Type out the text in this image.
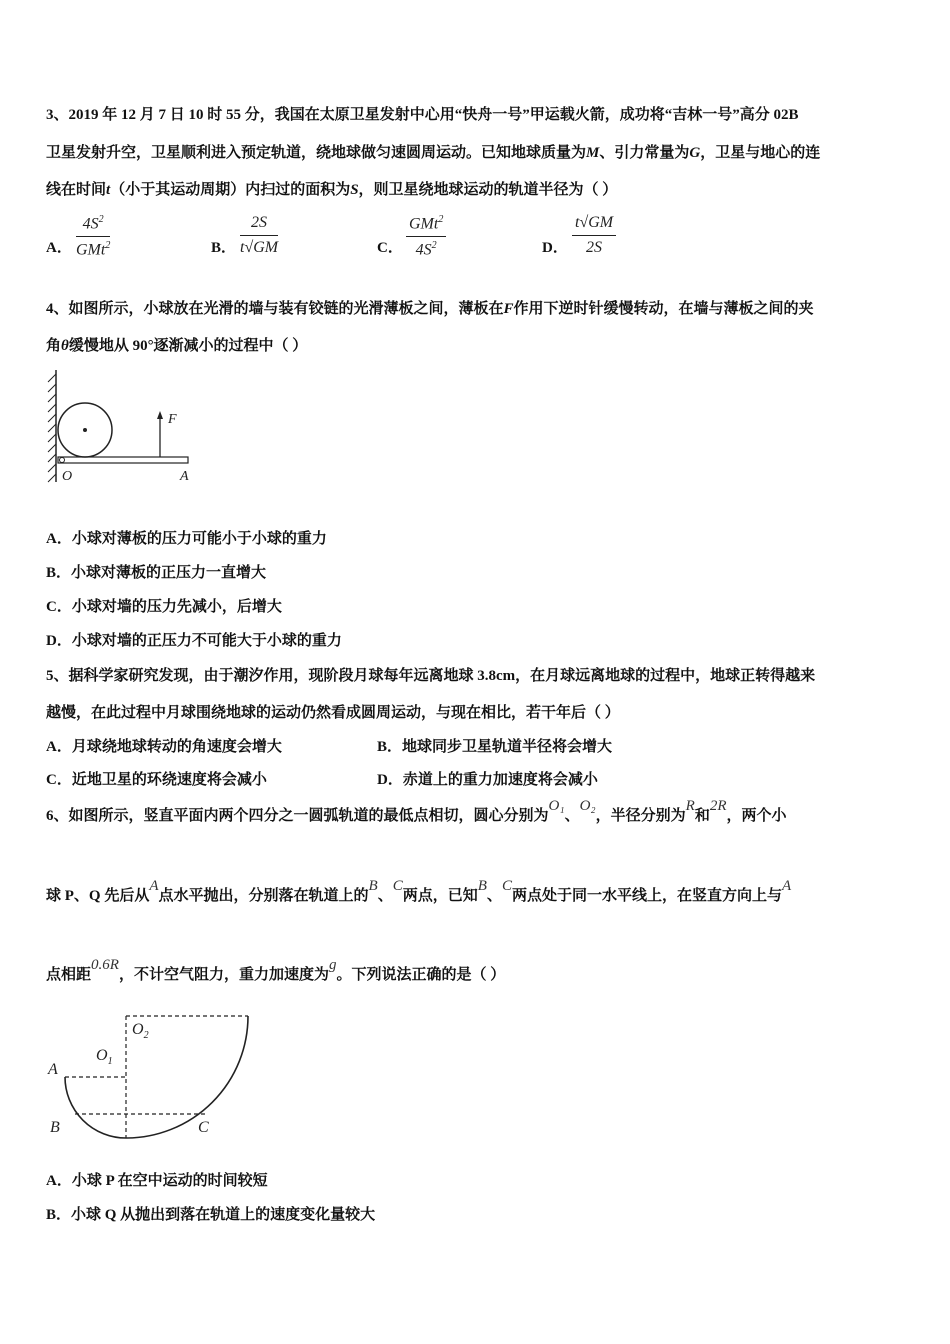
3、2019 年 12 月 7 日 10 时 55 分，我国在太原卫星发射中心用“快舟一号”甲运载火箭，成功将“吉林一号”高分 02B
卫星发射升空，卫星顺利进入预定轨道，绕地球做匀速圆周运动。已知地球质量为M、引力常量为G，卫星与地心的连
线在时间t（小于其运动周期）内扫过的面积为S，则卫星绕地球运动的轨道半径为（ ）
A．
$4S^2$
GMt$^2$	B． $\frac{2S}{t√GM}$	C．
GMt$^2$
$4S^2$	D． $\frac{t√GM}{2S}$
4、如图所示，小球放在光滑的墙与装有铰链的光滑薄板之间，薄板在F作用下逆时针缓慢转动，在墙与薄板之间的夹
角θ缓慢地从 90°逐渐减小的过程中（ ）
F
O	A
A．小球对薄板的压力可能小于小球的重力
B．小球对薄板的正压力一直增大
C．小球对墙的压力先减小，后增大
D．小球对墙的正压力不可能大于小球的重力
5、据科学家研究发现，由于潮汐作用，现阶段月球每年远离地球 3.8cm，在月球远离地球的过程中，地球正转得越来
越慢，在此过程中月球围绕地球的运动仍然看成圆周运动，与现在相比，若干年后（ ）
A．月球绕地球转动的角速度会增大	B．地球同步卫星轨道半径将会增大
C．近地卫星的环绕速度将会减小	D．赤道上的重力加速度将会减小
6、如图所示，竖直平面内两个四分之一圆弧轨道的最低点相切，圆心分别为O₁、O₂，半径分别为R和2R，两个小
球 P、Q 先后从A点水平抛出，分别落在轨道上的B、C两点，已知B、C两点处于同一水平线上，在竖直方向上与A
点相距0.6R，不计空气阻力，重力加速度为g。下列说法正确的是（ ）
A
$O_1$
$O_2$
B	C
A．小球 P 在空中运动的时间较短
B．小球 Q 从抛出到落在轨道上的速度变化量较大
